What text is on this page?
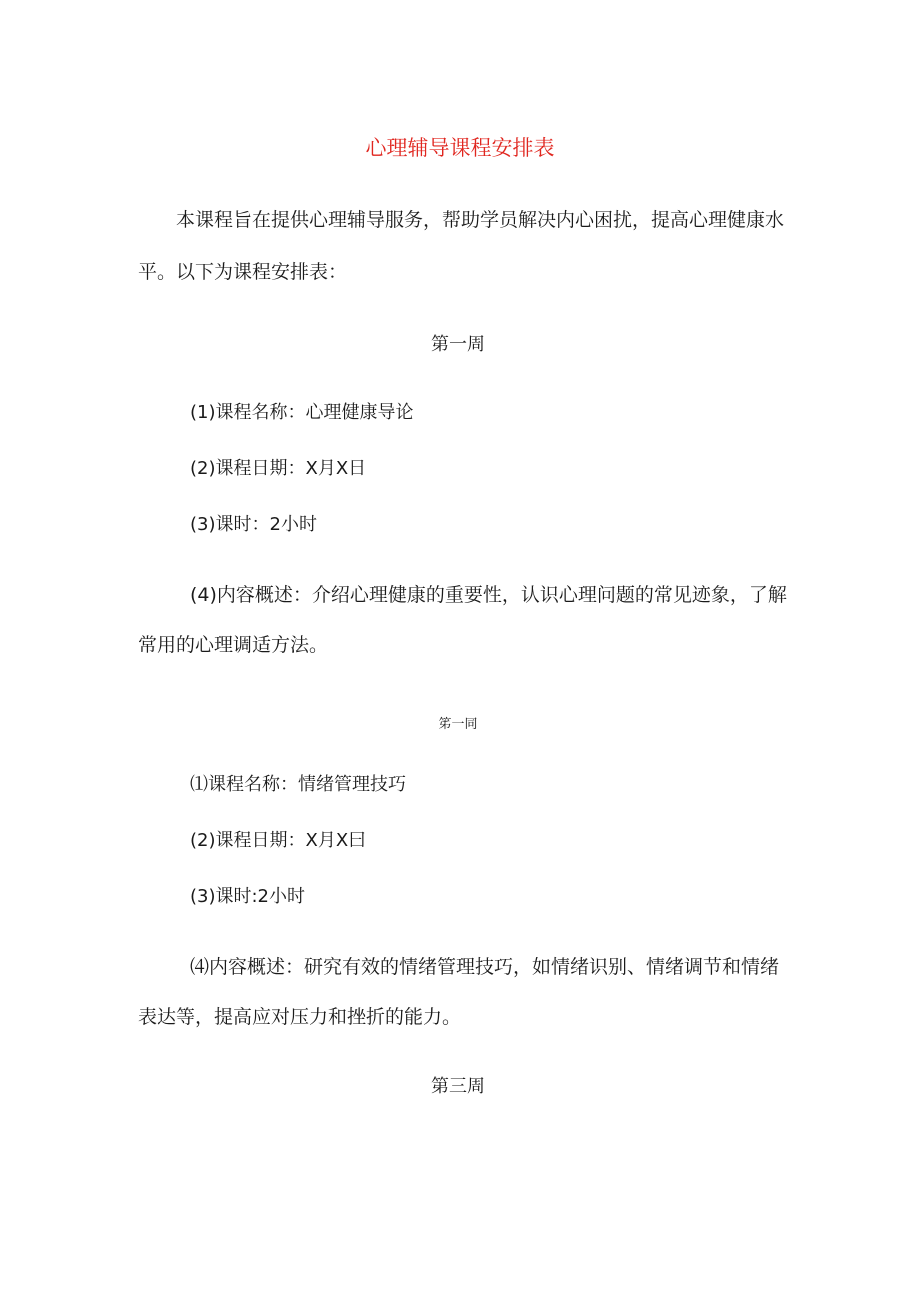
心理辅导课程安排表
本课程旨在提供心理辅导服务，帮助学员解决内心困扰，提高心理健康水平。以下为课程安排表：
第一周
(1)课程名称：心理健康导论
(2)课程日期：X月X日
(3)课时：2小时
(4)内容概述：介绍心理健康的重要性，认识心理问题的常见迹象，了解常用的心理调适方法。
笫一同
⑴课程名称：情绪管理技巧
(2)课程日期：X月X曰
(3)课时:2小时
⑷内容概述：研究有效的情绪管理技巧，如情绪识别、情绪调节和情绪表达等，提高应对压力和挫折的能力。
第三周
